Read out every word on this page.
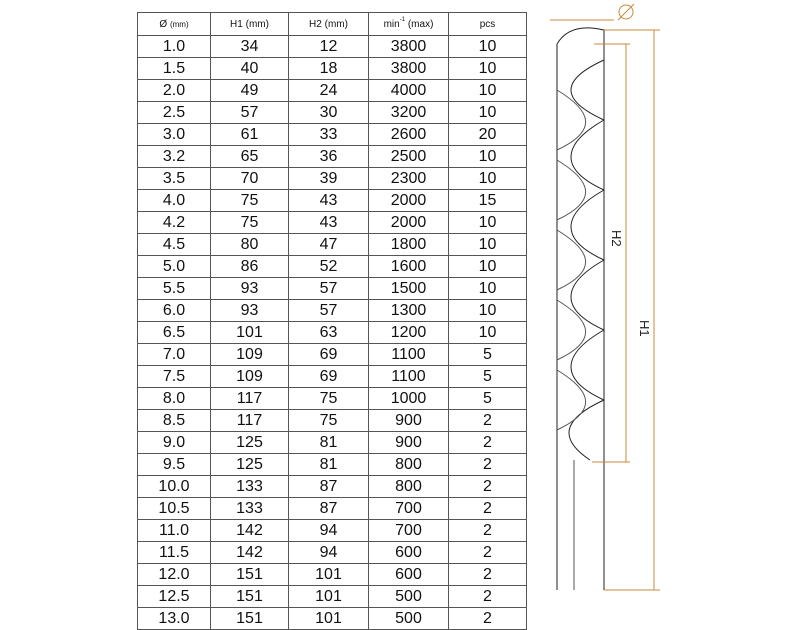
Ø (mm)	H1 (mm)	H2 (mm)	$\min^{-1} (\max)$	pcs
1.0	34	12	3800	10
1.5	40	18	3800	10
2.0	49	24	4000	10
2.5	57	30	3200	10
3.0	61	33	2600	20
3.2	65	36	2500	10
3.5	70	39	2300	10
4.0	75	43	2000	15
4.2	75	43	2000	10
4.5	80	47	1800	10
5.0	86	52	1600	10
5.5	93	57	1500	10
6.0	93	57	1300	10
6.5	101	63	1200	10
7.0	109	69	1100	5
7.5	109	69	1100	5
8.0	117	75	1000	5
8.5	117	75	900	2
9.0	125	81	900	2
9.5	125	81	800	2
10.0	133	87	800	2
10.5	133	87	700	2
11.0	142	94	700	2
11.5	142	94	600	2
12.0	151	101	600	2
12.5	151	101	500	2
13.0	151	101	500	2
H2
H1
